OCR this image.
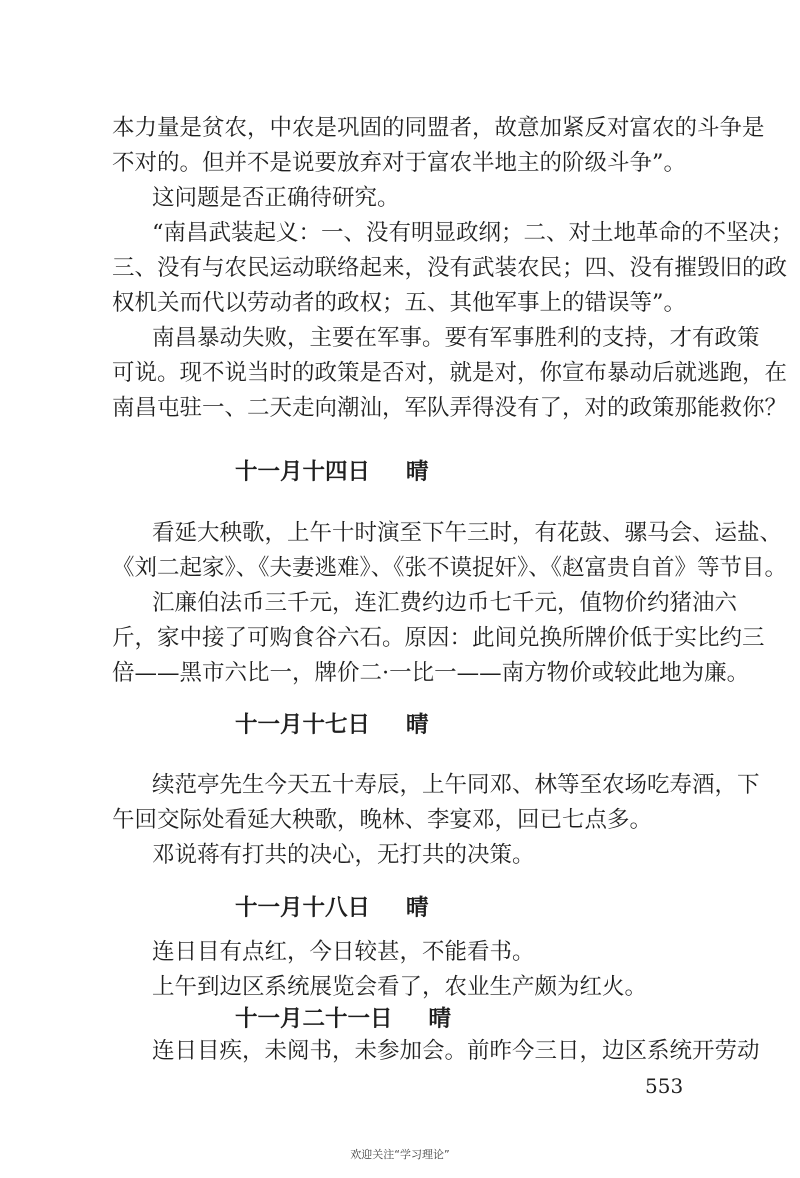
本力量是贫农，中农是巩固的同盟者，故意加紧反对富农的斗争是
不对的。但并不是说要放弃对于富农半地主的阶级斗争”。
这问题是否正确待研究。
“南昌武装起义：一、没有明显政纲；二、对土地革命的不坚决；
三、没有与农民运动联络起来，没有武装农民；四、没有摧毁旧的政
权机关而代以劳动者的政权；五、其他军事上的错误等”。
南昌暴动失败，主要在军事。要有军事胜利的支持，才有政策
可说。现不说当时的政策是否对，就是对，你宣布暴动后就逃跑，在
南昌屯驻一、二天走向潮汕，军队弄得没有了，对的政策那能救你？
十一月十四日 晴
看延大秧歌，上午十时演至下午三时，有花鼓、骡马会、运盐、
《刘二起家》、《夫妻逃难》、《张不谟捉奸》、《赵富贵自首》等节目。
汇廉伯法币三千元，连汇费约边币七千元，值物价约猪油六
斤，家中接了可购食谷六石。原因：此间兑换所牌价低于实比约三
倍——黑市六比一，牌价二·一比一——南方物价或较此地为廉。
十一月十七日 晴
续范亭先生今天五十寿辰，上午同邓、林等至农场吃寿酒，下
午回交际处看延大秧歌，晚林、李宴邓，回已七点多。
邓说蒋有打共的决心，无打共的决策。
十一月十八日 晴
连日目有点红，今日较甚，不能看书。
上午到边区系统展览会看了，农业生产颇为红火。
十一月二十一日 晴
连日目疾，未阅书，未参加会。前昨今三日，边区系统开劳动
553
欢迎关注“学习理论”
